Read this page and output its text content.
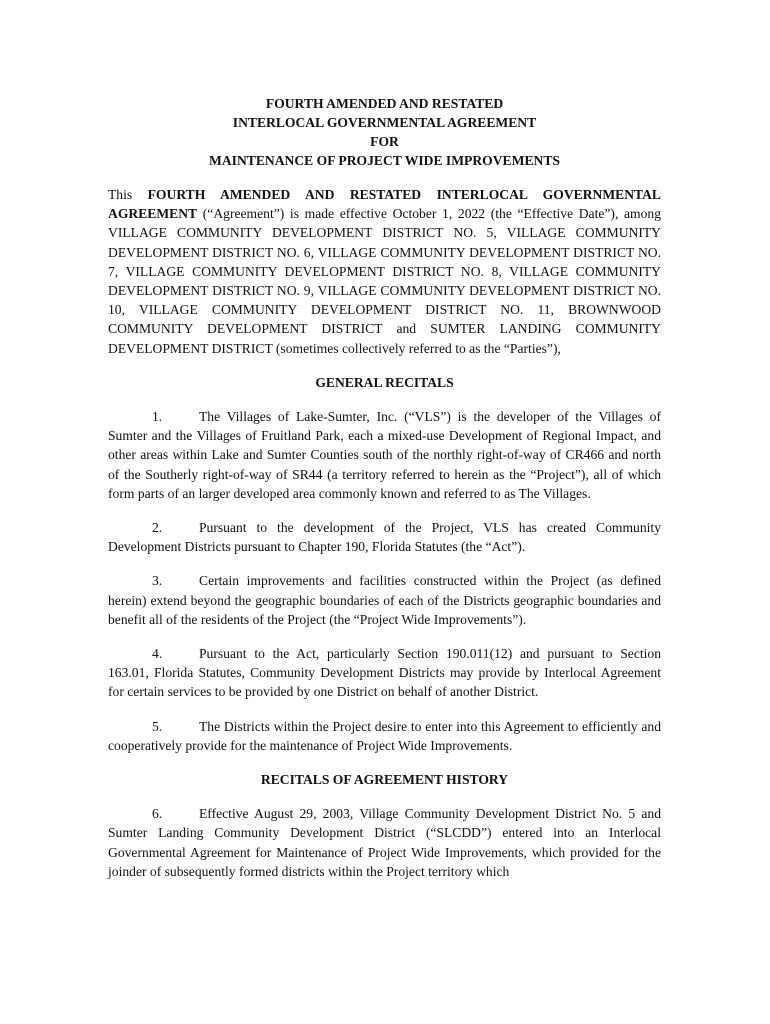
FOURTH AMENDED AND RESTATED
INTERLOCAL GOVERNMENTAL AGREEMENT
FOR
MAINTENANCE OF PROJECT WIDE IMPROVEMENTS

This FOURTH AMENDED AND RESTATED INTERLOCAL GOVERNMENTAL AGREEMENT (“Agreement”) is made effective October 1, 2022 (the “Effective Date”), among VILLAGE COMMUNITY DEVELOPMENT DISTRICT NO. 5, VILLAGE COMMUNITY DEVELOPMENT DISTRICT NO. 6, VILLAGE COMMUNITY DEVELOPMENT DISTRICT NO. 7, VILLAGE COMMUNITY DEVELOPMENT DISTRICT NO. 8, VILLAGE COMMUNITY DEVELOPMENT DISTRICT NO. 9, VILLAGE COMMUNITY DEVELOPMENT DISTRICT NO. 10, VILLAGE COMMUNITY DEVELOPMENT DISTRICT NO. 11, BROWNWOOD COMMUNITY DEVELOPMENT DISTRICT and SUMTER LANDING COMMUNITY DEVELOPMENT DISTRICT (sometimes collectively referred to as the “Parties”),

GENERAL RECITALS

1.	The Villages of Lake-Sumter, Inc. (“VLS”) is the developer of the Villages of Sumter and the Villages of Fruitland Park, each a mixed-use Development of Regional Impact, and other areas within Lake and Sumter Counties south of the northly right-of-way of CR466 and north of the Southerly right-of-way of SR44 (a territory referred to herein as the “Project”), all of which form parts of an larger developed area commonly known and referred to as The Villages.

2.	Pursuant to the development of the Project, VLS has created Community Development Districts pursuant to Chapter 190, Florida Statutes (the “Act”).

3.	Certain improvements and facilities constructed within the Project (as defined herein) extend beyond the geographic boundaries of each of the Districts geographic boundaries and benefit all of the residents of the Project (the “Project Wide Improvements”).

4.	Pursuant to the Act, particularly Section 190.011(12) and pursuant to Section 163.01, Florida Statutes, Community Development Districts may provide by Interlocal Agreement for certain services to be provided by one District on behalf of another District.

5.	The Districts within the Project desire to enter into this Agreement to efficiently and cooperatively provide for the maintenance of Project Wide Improvements.

RECITALS OF AGREEMENT HISTORY

6.	Effective August 29, 2003, Village Community Development District No. 5 and Sumter Landing Community Development District (“SLCDD”) entered into an Interlocal Governmental Agreement for Maintenance of Project Wide Improvements, which provided for the joinder of subsequently formed districts within the Project territory which
